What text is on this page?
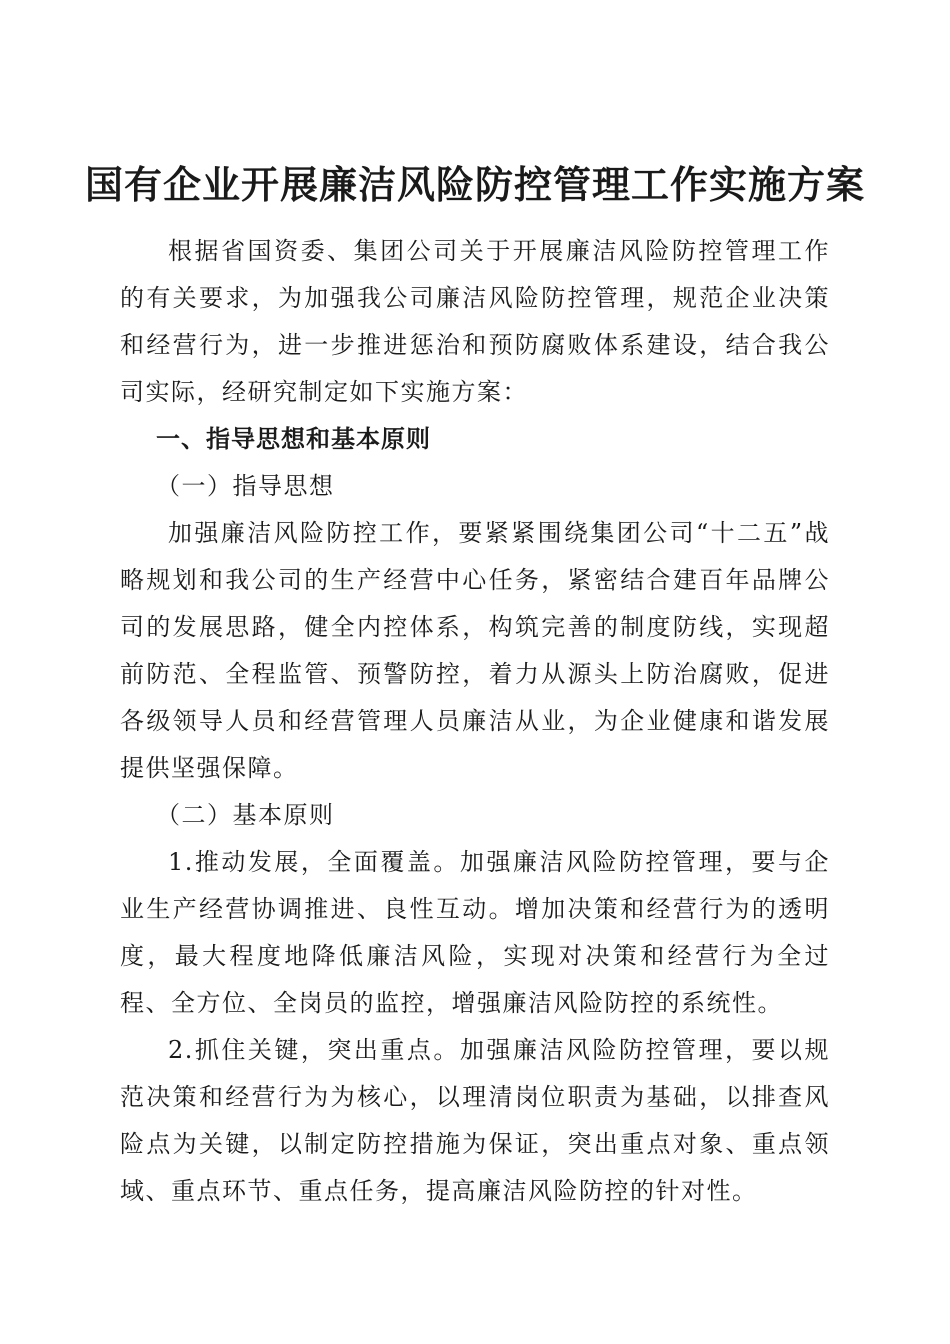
国有企业开展廉洁风险防控管理工作实施方案

根据省国资委、集团公司关于开展廉洁风险防控管理工作的有关要求，为加强我公司廉洁风险防控管理，规范企业决策和经营行为，进一步推进惩治和预防腐败体系建设，结合我公司实际，经研究制定如下实施方案：

一、指导思想和基本原则

（一）指导思想

加强廉洁风险防控工作，要紧紧围绕集团公司“十二五”战略规划和我公司的生产经营中心任务，紧密结合建百年品牌公司的发展思路，健全内控体系，构筑完善的制度防线，实现超前防范、全程监管、预警防控，着力从源头上防治腐败，促进各级领导人员和经营管理人员廉洁从业，为企业健康和谐发展提供坚强保障。

（二）基本原则

1.推动发展，全面覆盖。加强廉洁风险防控管理，要与企业生产经营协调推进、良性互动。增加决策和经营行为的透明度，最大程度地降低廉洁风险，实现对决策和经营行为全过程、全方位、全岗员的监控，增强廉洁风险防控的系统性。

2.抓住关键，突出重点。加强廉洁风险防控管理，要以规范决策和经营行为为核心，以理清岗位职责为基础，以排查风险点为关键，以制定防控措施为保证，突出重点对象、重点领域、重点环节、重点任务，提高廉洁风险防控的针对性。
